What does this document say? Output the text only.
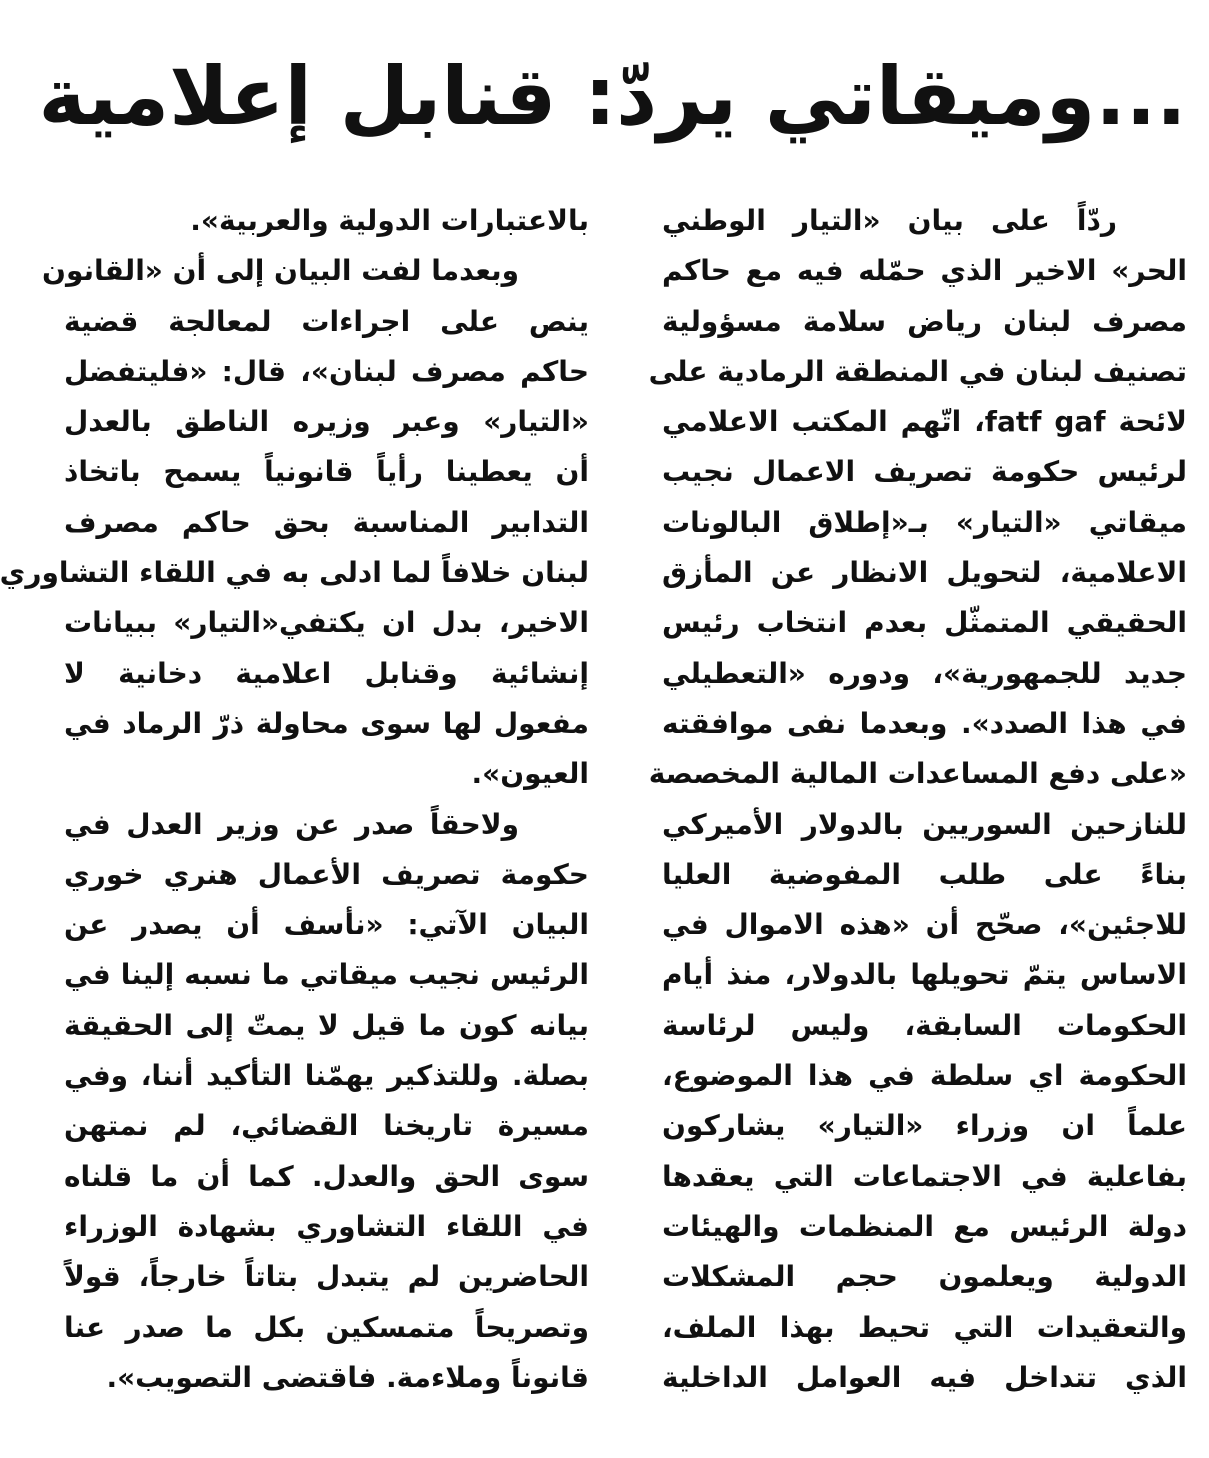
...وميقاتي يردّ: قنابل إعلامية
ردّاً على بيان «التيار الوطني
الحر» الاخير الذي حمّله فيه مع حاكم
مصرف لبنان رياض سلامة مسؤولية
تصنيف لبنان في المنطقة الرمادية على
لائحة fatf gaf، اتّهم المكتب الاعلامي
لرئيس حكومة تصريف الاعمال نجيب
ميقاتي «التيار» بـ«إطلاق البالونات
الاعلامية، لتحويل الانظار عن المأزق
الحقيقي المتمثّل بعدم انتخاب رئيس
جديد للجمهورية»، ودوره «التعطيلي
في هذا الصدد». وبعدما نفى موافقته
«على دفع المساعدات المالية المخصصة
للنازحين السوريين بالدولار الأميركي
بناءً على طلب المفوضية العليا
للاجئين»، صحّح أن «هذه الاموال في
الاساس يتمّ تحويلها بالدولار، منذ أيام
الحكومات السابقة، وليس لرئاسة
الحكومة اي سلطة في هذا الموضوع،
علماً ان وزراء «التيار» يشاركون
بفاعلية في الاجتماعات التي يعقدها
دولة الرئيس مع المنظمات والهيئات
الدولية ويعلمون حجم المشكلات
والتعقيدات التي تحيط بهذا الملف،
الذي تتداخل فيه العوامل الداخلية
بالاعتبارات الدولية والعربية».
وبعدما لفت البيان إلى أن «القانون
ينص على اجراءات لمعالجة قضية
حاكم مصرف لبنان»، قال: «فليتفضل
«التيار» وعبر وزيره الناطق بالعدل
أن يعطينا رأياً قانونياً يسمح باتخاذ
التدابير المناسبة بحق حاكم مصرف
لبنان خلافاً لما ادلى به في اللقاء التشاوري
الاخير، بدل ان يكتفي«التيار» ببيانات
إنشائية وقنابل اعلامية دخانية لا
مفعول لها سوى محاولة ذرّ الرماد في
العيون».
ولاحقاً صدر عن وزير العدل في
حكومة تصريف الأعمال هنري خوري
البيان الآتي: «نأسف أن يصدر عن
الرئيس نجيب ميقاتي ما نسبه إلينا في
بيانه كون ما قيل لا يمتّ إلى الحقيقة
بصلة. وللتذكير يهمّنا التأكيد أننا، وفي
مسيرة تاريخنا القضائي، لم نمتهن
سوى الحق والعدل. كما أن ما قلناه
في اللقاء التشاوري بشهادة الوزراء
الحاضرين لم يتبدل بتاتاً خارجاً، قولاً
وتصريحاً متمسكين بكل ما صدر عنا
قانوناً وملاءمة. فاقتضى التصويب».
